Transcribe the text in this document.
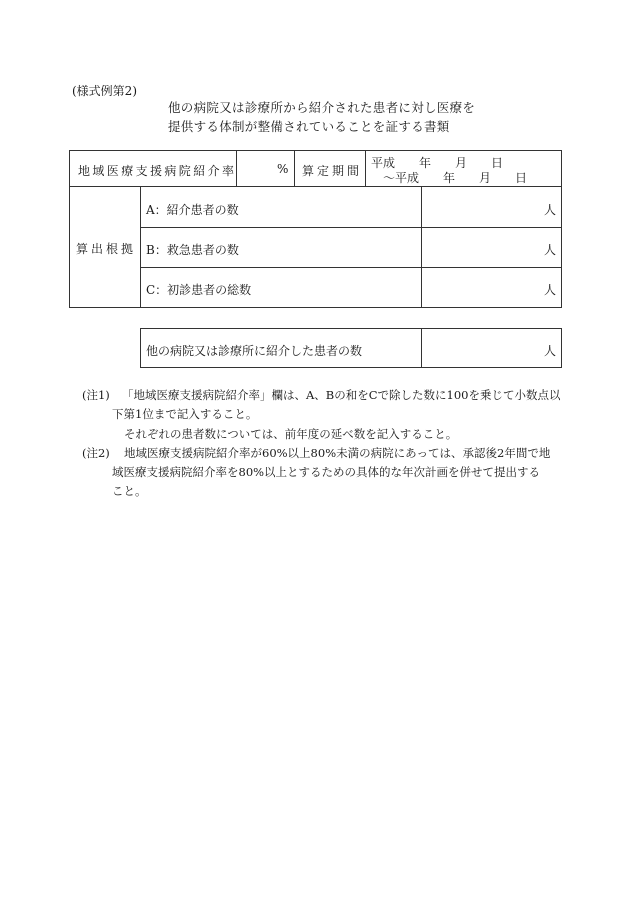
(様式例第2)
他の病院又は診療所から紹介された患者に対し医療を
提供する体制が整備されていることを証する書類
地域医療支援病院紹介率	% 算定期間
平成　　年　　月　　日
～平成　　年　　月　　日
算出根拠
A：紹介患者の数	人
B：救急患者の数	人
C：初診患者の総数	人
他の病院又は診療所に紹介した患者の数	人
(注1) 「地域医療支援病院紹介率」欄は、A、Bの和をCで除した数に100を乗じて小数点以
下第1位まで記入すること。
それぞれの患者数については、前年度の延べ数を記入すること。
(注2) 地域医療支援病院紹介率が60%以上80%未満の病院にあっては、承認後2年間で地
域医療支援病院紹介率を80%以上とするための具体的な年次計画を併せて提出する
こと。
